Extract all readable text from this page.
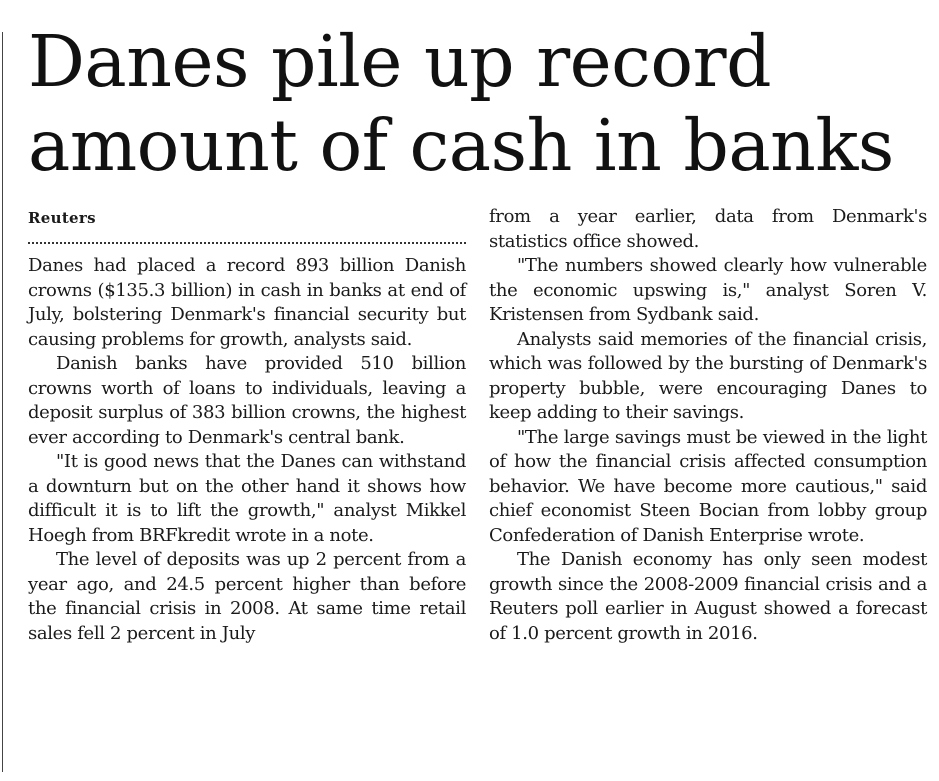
Danes pile up record
amount of cash in banks

Reuters

Danes had placed a record 893 billion Danish crowns ($135.3 billion) in cash in banks at end of July, bolstering Denmark's financial security but causing problems for growth, analysts said.

Danish banks have provided 510 billion crowns worth of loans to individuals, leaving a deposit surplus of 383 billion crowns, the highest ever according to Denmark's central bank.

"It is good news that the Danes can withstand a downturn but on the other hand it shows how difficult it is to lift the growth," analyst Mikkel Hoegh from BRFkredit wrote in a note.

The level of deposits was up 2 percent from a year ago, and 24.5 percent higher than before the financial crisis in 2008. At same time retail sales fell 2 percent in July

from a year earlier, data from Denmark's statistics office showed.

"The numbers showed clearly how vulnerable the economic upswing is," analyst Soren V. Kristensen from Sydbank said.

Analysts said memories of the financial crisis, which was followed by the bursting of Denmark's property bubble, were encouraging Danes to keep adding to their savings.

"The large savings must be viewed in the light of how the financial crisis affected consumption behavior. We have become more cautious," said chief economist Steen Bocian from lobby group Confederation of Danish Enterprise wrote.

The Danish economy has only seen modest growth since the 2008-2009 financial crisis and a Reuters poll earlier in August showed a forecast of 1.0 percent growth in 2016.
